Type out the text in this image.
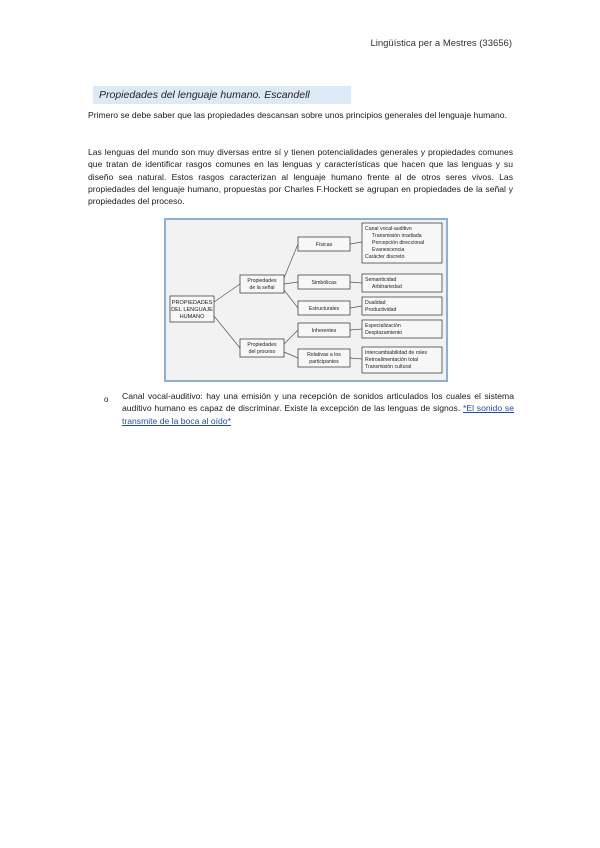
Lingüística per a Mestres (33656)
Propiedades del lenguaje humano. Escandell

Primero se debe saber que las propiedades descansan sobre unos principios generales del lenguaje humano.

Las lenguas del mundo son muy diversas entre sí y tienen potencialidades generales y propiedades comunes que tratan de identificar rasgos comunes en las lenguas y características que hacen que las lenguas y su diseño sea natural. Estos rasgos caracterizan al lenguaje humano frente al de otros seres vivos. Las propiedades del lenguaje humano, propuestas por Charles F.Hockett se agrupan en propiedades de la señal y propiedades del proceso.

PROPIEDADES
DEL LENGUAJE
HUMANO
Propiedades
de la señal
Propiedades
del proceso
Físicas
Simbólicas
Estructurales
Inherentes
Relativas a los
participantes
Canal vocal-auditivo
Transmisión irradiada
Percepción direccional
Evanescencia
Carácter discreto
Semanticidad
Arbitrariedad
Dualidad
Productividad
Especialización
Desplazamiento
Intercambiabilidad de roles
Retroalimentación total
Transmisión cultural
o Canal vocal-auditivo: hay una emisión y una recepción de sonidos articulados los cuales el sistema auditivo humano es capaz de discriminar. Existe la excepción de las lenguas de signos. *El sonido se transmite de la boca al oído*
